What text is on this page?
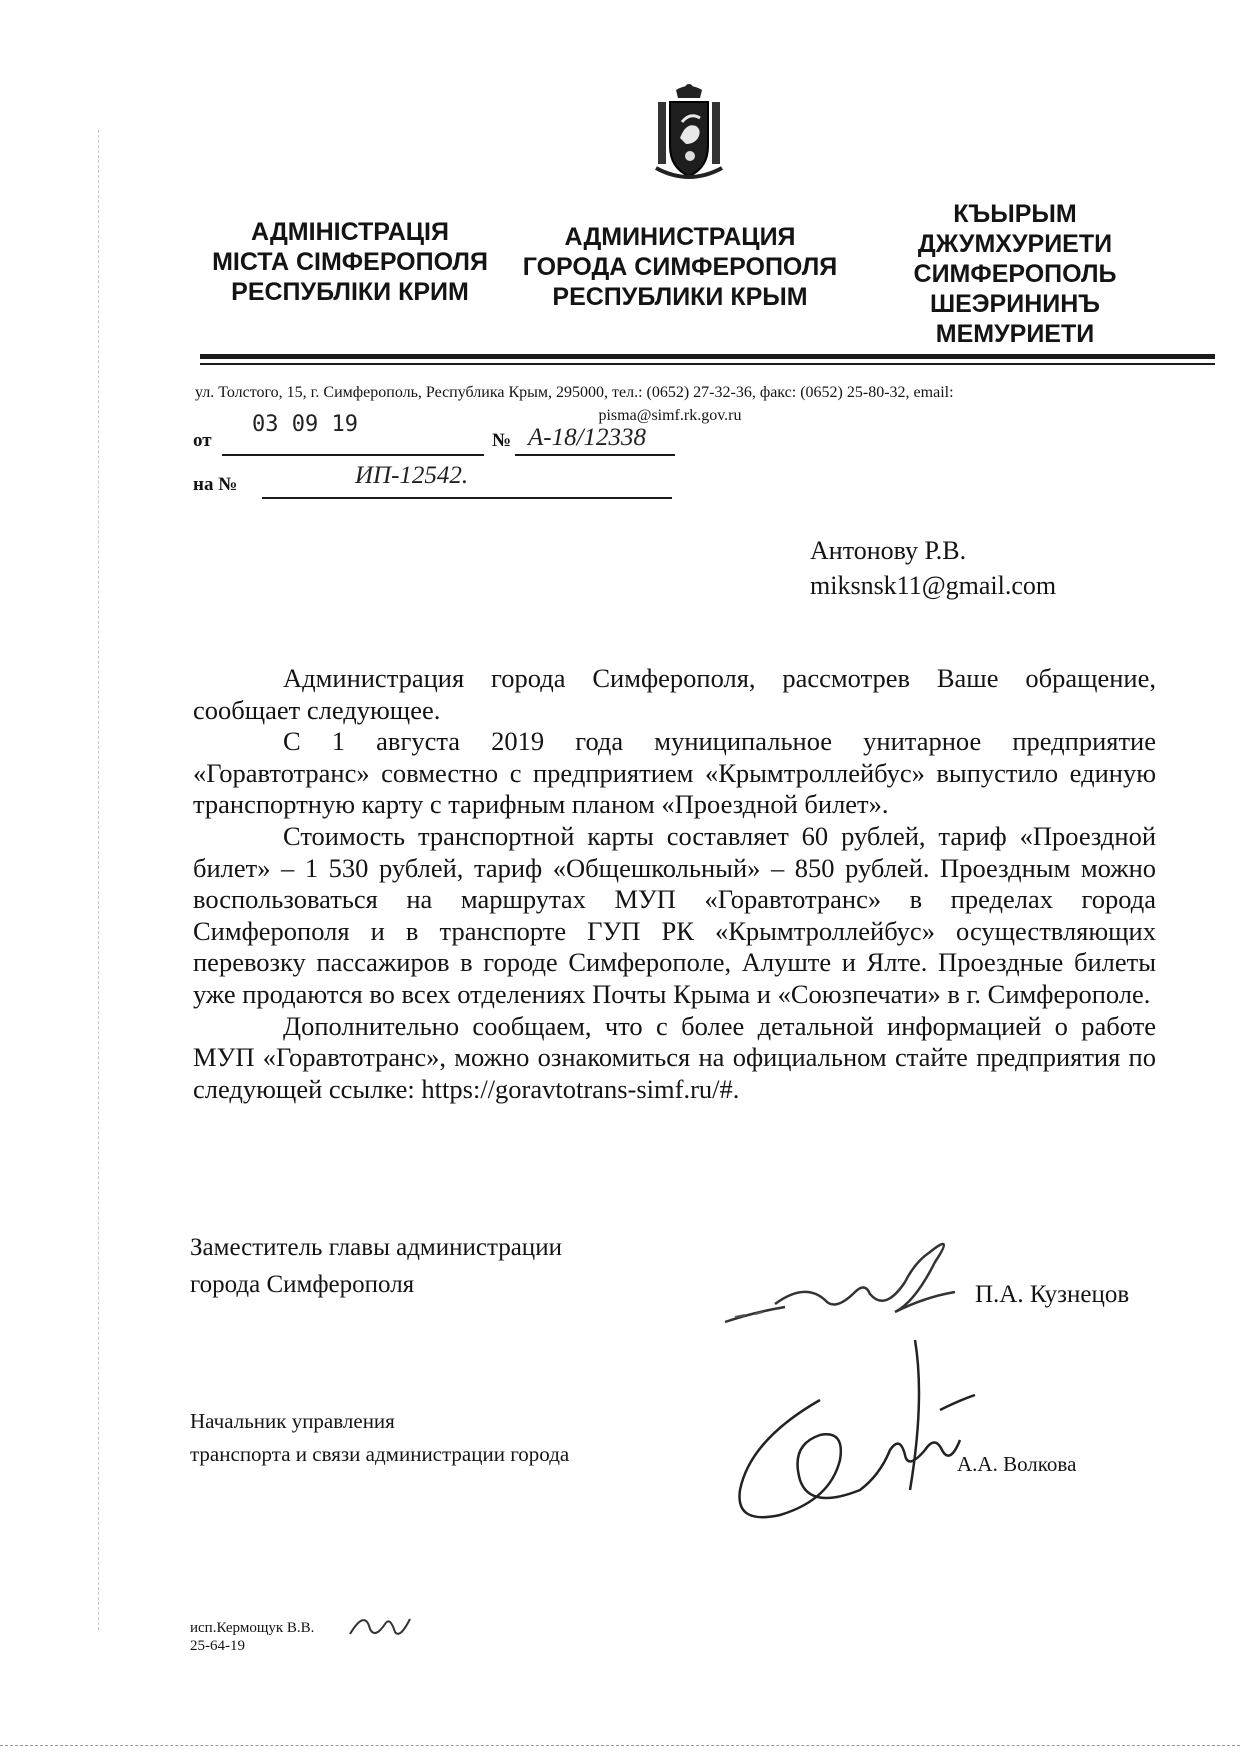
АДМІНІСТРАЦІЯ
МІСТА СІМФЕРОПОЛЯ
РЕСПУБЛІКИ КРИМ
АДМИНИСТРАЦИЯ
ГОРОДА СИМФЕРОПОЛЯ
РЕСПУБЛИКИ КРЫМ
КЪЫРЫМ
ДЖУМХУРИЕТИ
СИМФЕРОПОЛЬ
ШЕЭРИНИНЪ
МЕМУРИЕТИ
ул. Толстого, 15, г. Симферополь, Республика Крым, 295000, тел.: (0652) 27-32-36, факс: (0652) 25-80-32, email:
pisma@simf.rk.gov.ru
от
03 09 19
№ А-18/12338
на №	ИП-12542.
Антонову Р.В.
miksnsk11@gmail.com

Администрация города Симферополя, рассмотрев Ваше обращение, сообщает следующее.

С 1 августа 2019 года муниципальное унитарное предприятие «Горавтотранс» совместно с предприятием «Крымтроллейбус» выпустило единую транспортную карту с тарифным планом «Проездной билет».

Стоимость транспортной карты составляет 60 рублей, тариф «Проездной билет» – 1 530 рублей, тариф «Общешкольный» – 850 рублей. Проездным можно воспользоваться на маршрутах МУП «Горавтотранс» в пределах города Симферополя и в транспорте ГУП РК «Крымтроллейбус» осуществляющих перевозку пассажиров в городе Симферополе, Алуште и Ялте. Проездные билеты уже продаются во всех отделениях Почты Крыма и «Союзпечати» в г. Симферополе.

Дополнительно сообщаем, что с более детальной информацией о работе МУП «Горавтотранс», можно ознакомиться на официальном стайте предприятия по следующей ссылке: https://goravtotrans-simf.ru/#.

Заместитель главы администрации
города Симферополя	П.А. Кузнецов
Начальник управления
транспорта и связи администрации города	А.А. Волкова
исп.Кермощук В.В.
25-64-19
